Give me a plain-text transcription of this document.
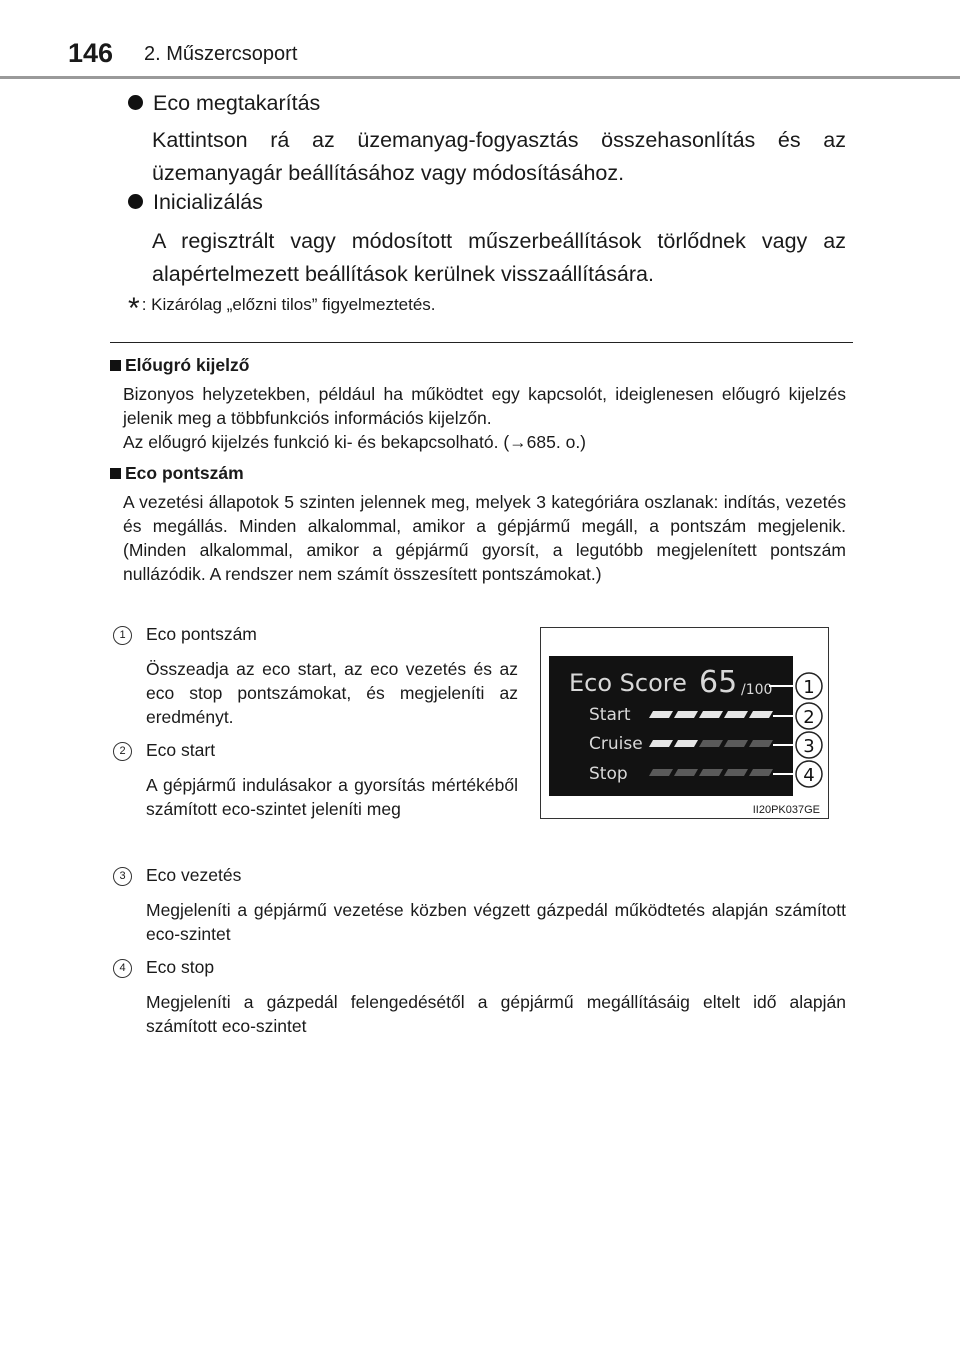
146 2. Műszercsoport
Eco megtakarítás
Kattintson rá az üzemanyag-fogyasztás összehasonlítás és az üzemanyagár beállításához vagy módosításához.
Inicializálás
A regisztrált vagy módosított műszerbeállítások törlődnek vagy az alapértelmezett beállítások kerülnek visszaállítására.
* : Kizárólag „előzni tilos” figyelmeztetés.
Előugró kijelző
Bizonyos helyzetekben, például ha működtet egy kapcsolót, ideiglenesen előugró kijelzés jelenik meg a többfunkciós információs kijelzőn.
Az előugró kijelzés funkció ki- és bekapcsolható. (→685. o.)
Eco pontszám
A vezetési állapotok 5 szinten jelennek meg, melyek 3 kategóriára oszlanak: indítás, vezetés és megállás. Minden alkalommal, amikor a gépjármű megáll, a pontszám megjelenik. (Minden alkalommal, amikor a gépjármű gyorsít, a legutóbb megjelenített pontszám nullázódik. A rendszer nem számít összesített pontszámokat.)
1	Eco pontszám
Összeadja az eco start, az eco vezetés és az eco stop pontszámokat, és megjeleníti az eredményt.
2	Eco start
A gépjármű indulásakor a gyorsítás mértékéből számított eco-szintet jeleníti meg
3	Eco vezetés
Megjeleníti a gépjármű vezetése közben végzett gázpedál működtetés alapján számított eco-szintet
4	Eco stop
Megjeleníti a gázpedál felengedésétől a gépjármű megállításáig eltelt idő alapján számított eco-szintet
Eco Score 65 /100
Start
Cruise
Stop
1
2
3
4
II20PK037GE
